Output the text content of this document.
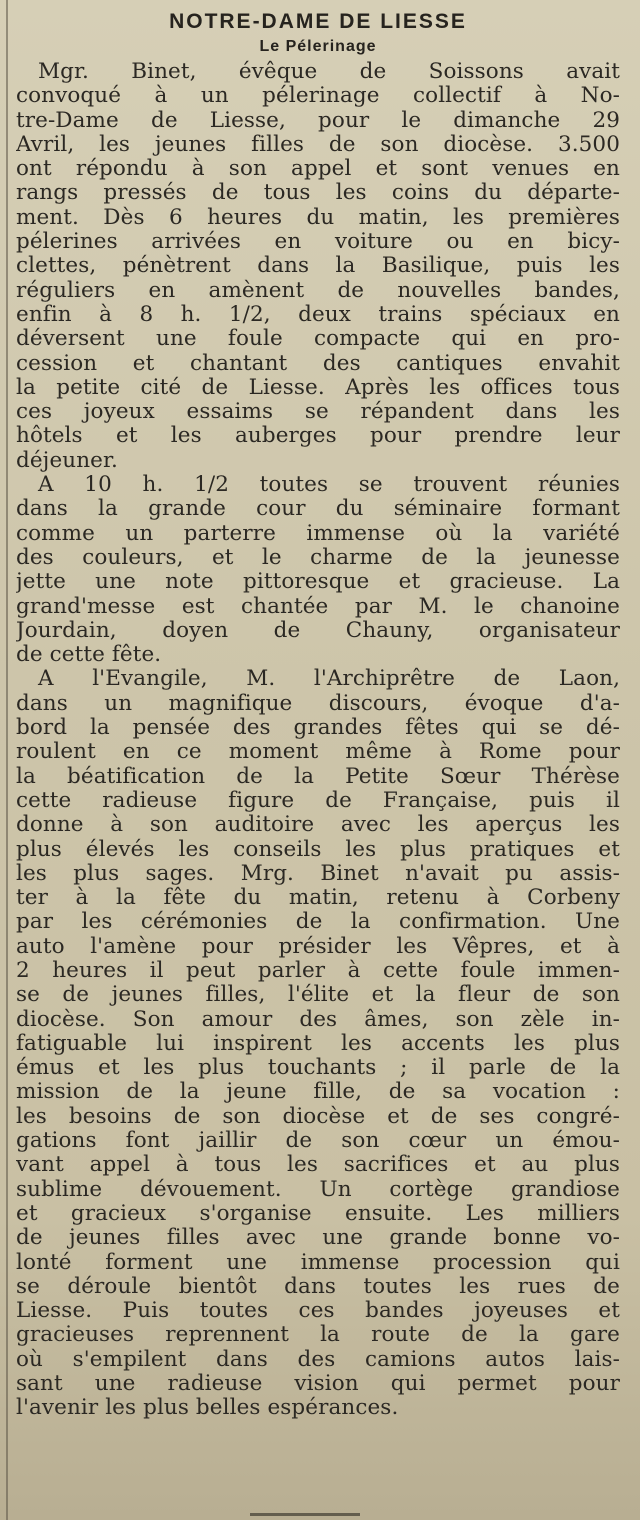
NOTRE-DAME DE LIESSE
Le Pélerinage
Mgr. Binet, évêque de Soissons avait
convoqué à un pélerinage collectif à No-
tre-Dame de Liesse, pour le dimanche 29
Avril, les jeunes filles de son diocèse. 3.500
ont répondu à son appel et sont venues en
rangs pressés de tous les coins du départe-
ment. Dès 6 heures du matin, les premières
pélerines arrivées en voiture ou en bicy-
clettes, pénètrent dans la Basilique, puis les
réguliers en amènent de nouvelles bandes,
enfin à 8 h. 1/2, deux trains spéciaux en
déversent une foule compacte qui en pro-
cession et chantant des cantiques envahit
la petite cité de Liesse. Après les offices tous
ces joyeux essaims se répandent dans les
hôtels et les auberges pour prendre leur
déjeuner.
A 10 h. 1/2 toutes se trouvent réunies
dans la grande cour du séminaire formant
comme un parterre immense où la variété
des couleurs, et le charme de la jeunesse
jette une note pittoresque et gracieuse. La
grand'messe est chantée par M. le chanoine
Jourdain, doyen de Chauny, organisateur
de cette fête.
A l'Evangile, M. l'Archiprêtre de Laon,
dans un magnifique discours, évoque d'a-
bord la pensée des grandes fêtes qui se dé-
roulent en ce moment même à Rome pour
la béatification de la Petite Sœur Thérèse
cette radieuse figure de Française, puis il
donne à son auditoire avec les aperçus les
plus élevés les conseils les plus pratiques et
les plus sages. Mrg. Binet n'avait pu assis-
ter à la fête du matin, retenu à Corbeny
par les cérémonies de la confirmation. Une
auto l'amène pour présider les Vêpres, et à
2 heures il peut parler à cette foule immen-
se de jeunes filles, l'élite et la fleur de son
diocèse. Son amour des âmes, son zèle in-
fatiguable lui inspirent les accents les plus
émus et les plus touchants ; il parle de la
mission de la jeune fille, de sa vocation :
les besoins de son diocèse et de ses congré-
gations font jaillir de son cœur un émou-
vant appel à tous les sacrifices et au plus
sublime dévouement. Un cortège grandiose
et gracieux s'organise ensuite. Les milliers
de jeunes filles avec une grande bonne vo-
lonté forment une immense procession qui
se déroule bientôt dans toutes les rues de
Liesse. Puis toutes ces bandes joyeuses et
gracieuses reprennent la route de la gare
où s'empilent dans des camions autos lais-
sant une radieuse vision qui permet pour
l'avenir les plus belles espérances.
